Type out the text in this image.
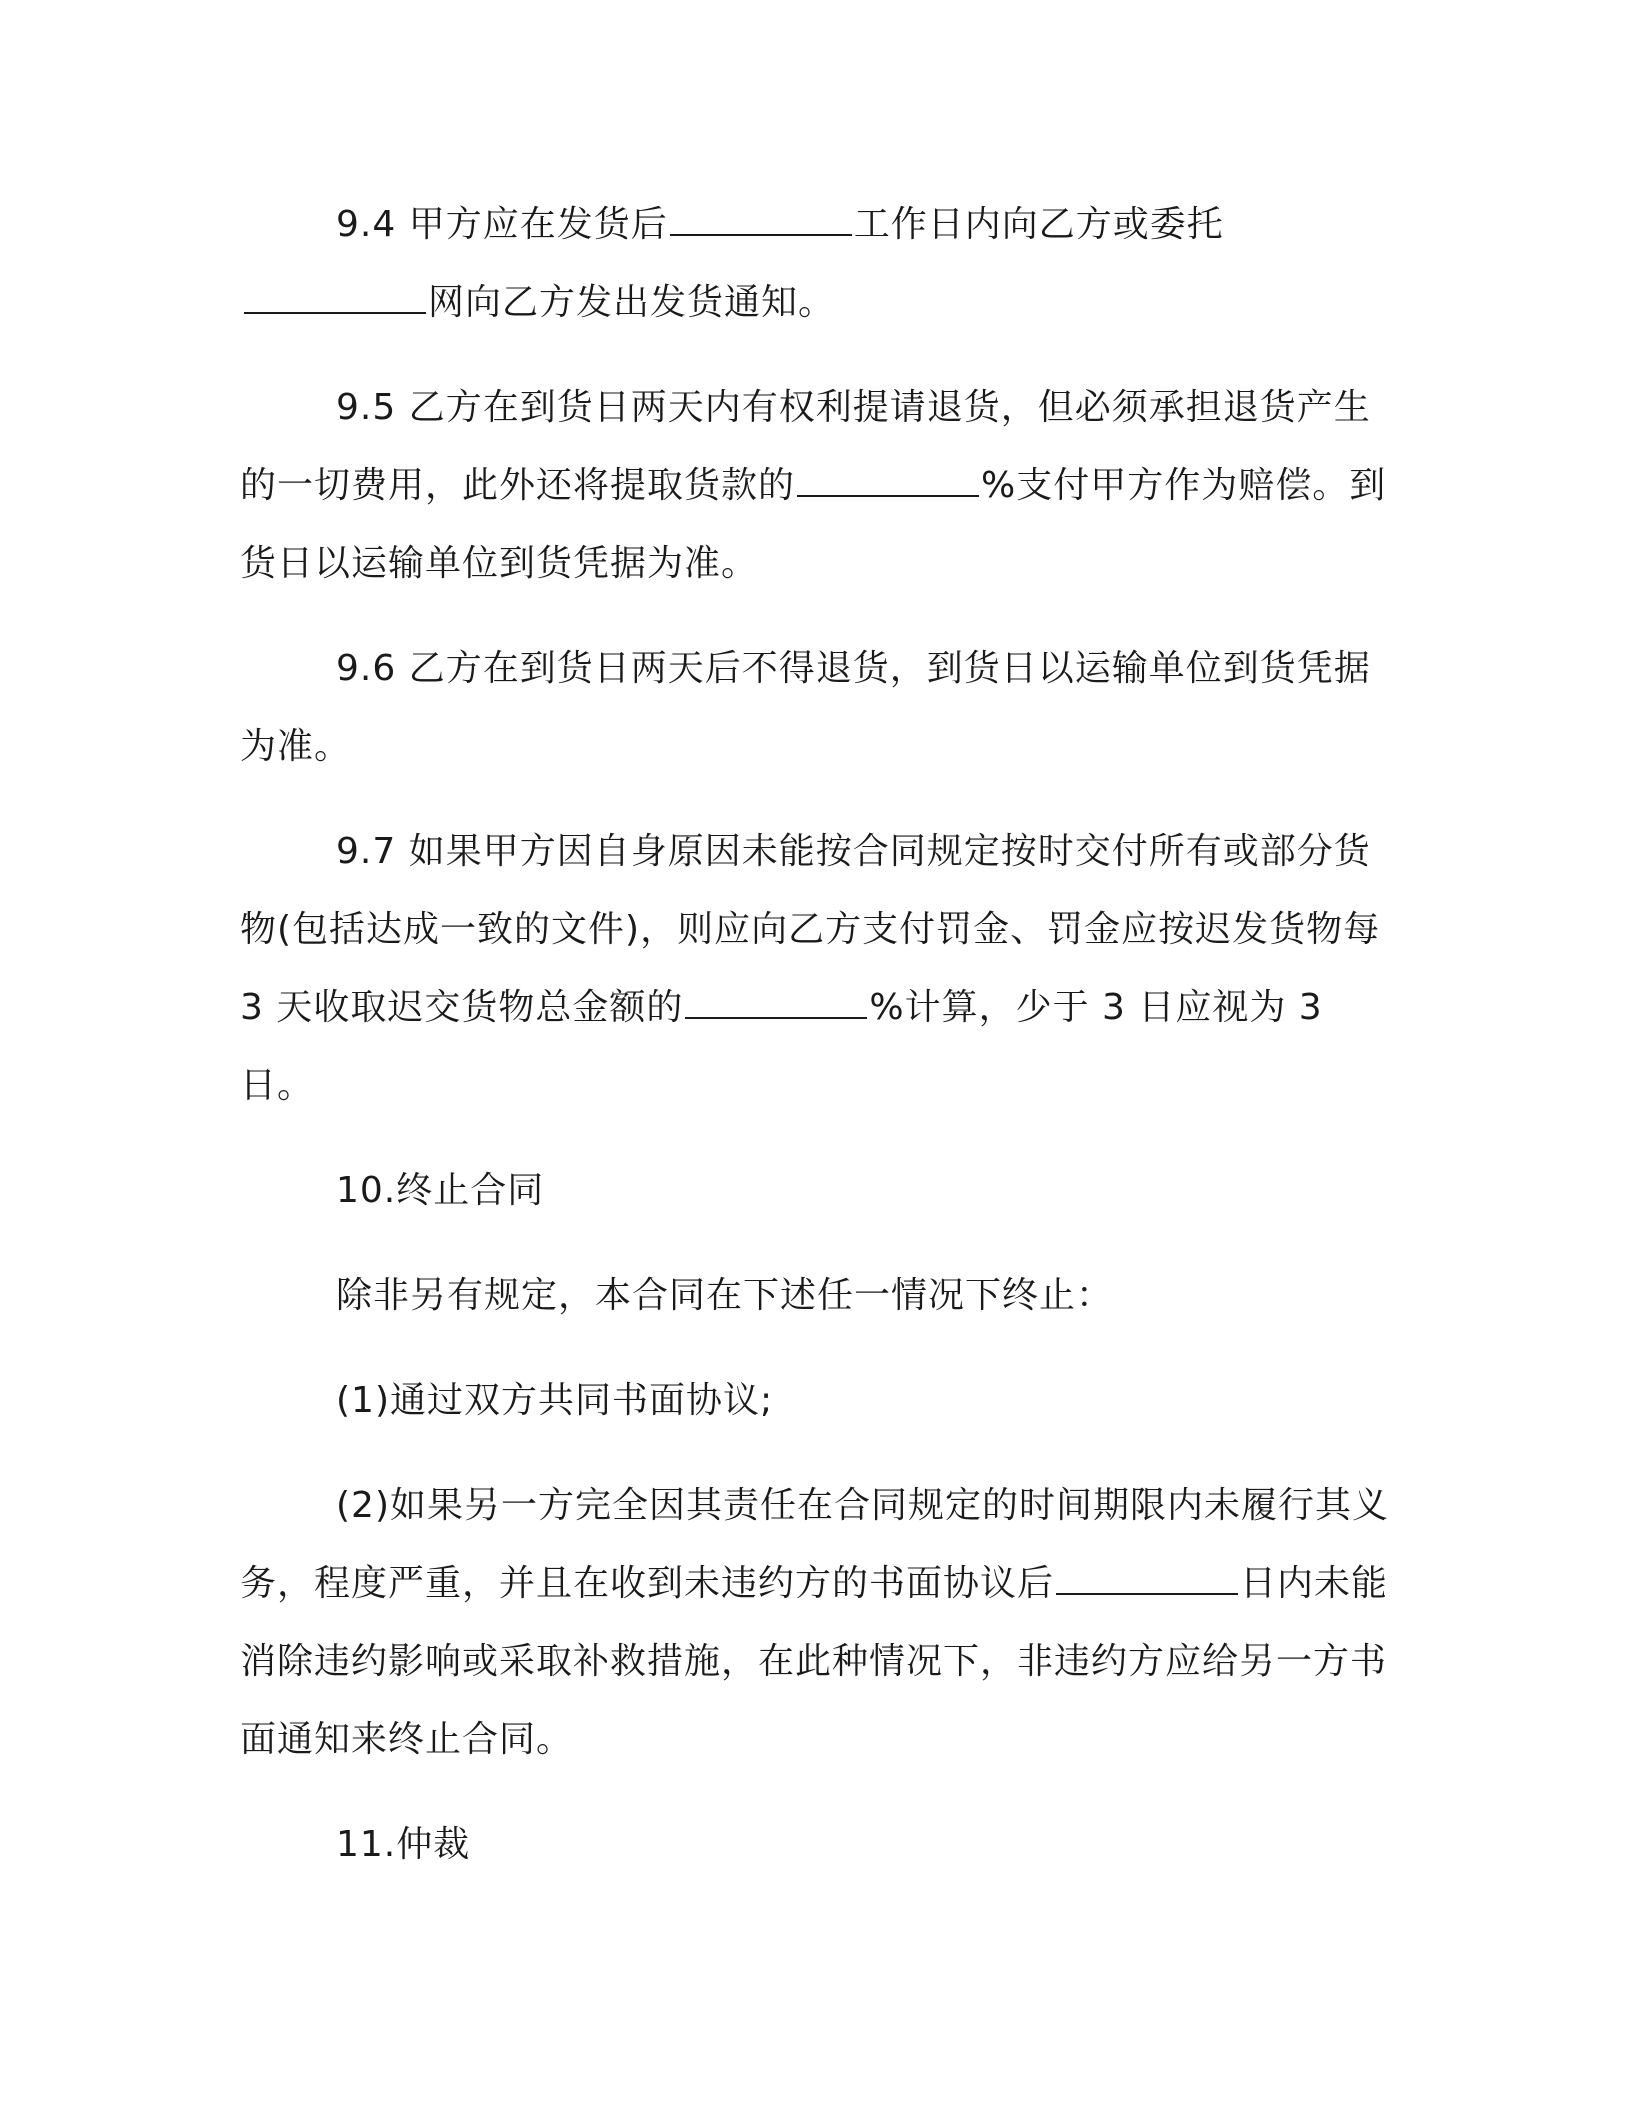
9.4 甲方应在发货后	工作日内向乙方或委托网向乙方发出发货通知。

9.5 乙方在到货日两天内有权利提请退货，但必须承担退货产生的一切费用，此外还将提取货款的	%支付甲方作为赔偿。到货日以运输单位到货凭据为准。

9.6 乙方在到货日两天后不得退货，到货日以运输单位到货凭据为准。

9.7 如果甲方因自身原因未能按合同规定按时交付所有或部分货物(包括达成一致的文件)，则应向乙方支付罚金、罚金应按迟发货物每 3 天收取迟交货物总金额的	%计算，少于 3 日应视为 3 日。

10.终止合同

除非另有规定，本合同在下述任一情况下终止：

(1)通过双方共同书面协议;

(2)如果另一方完全因其责任在合同规定的时间期限内未履行其义务，程度严重，并且在收到未违约方的书面协议后	日内未能消除违约影响或采取补救措施，在此种情况下，非违约方应给另一方书面通知来终止合同。

11.仲裁
